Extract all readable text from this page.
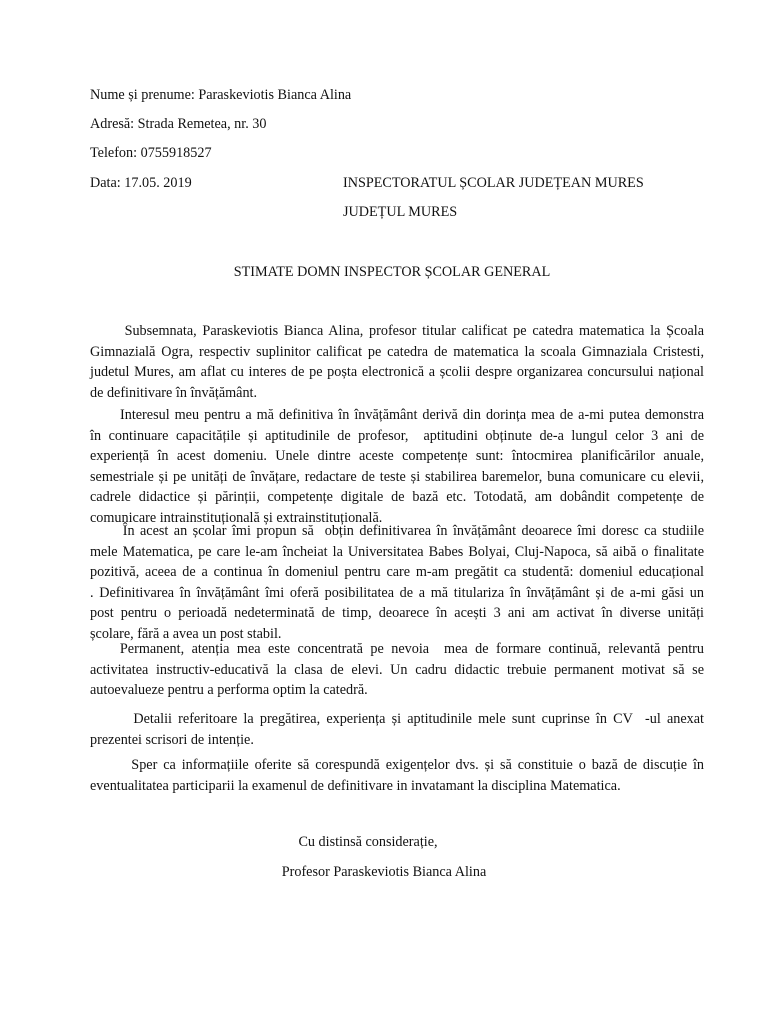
Nume și prenume: Paraskeviotis Bianca Alina
Adresă: Strada Remetea, nr. 30
Telefon: 0755918527
Data: 17.05. 2019	INSPECTORATUL ȘCOLAR JUDEȚEAN MURES
JUDEȚUL MURES
STIMATE DOMN INSPECTOR ȘCOLAR GENERAL
Subsemnata, Paraskeviotis Bianca Alina, profesor titular calificat pe catedra matematica la Școala
Gimnazială Ogra, respectiv suplinitor calificat pe catedra de matematica la scoala Gimnaziala Cristesti,
judetul Mures, am aflat cu interes de pe poșta electronică a școlii despre organizarea concursului național
de definitivare în învățământ.
Interesul meu pentru a mă definitiva în învățământ derivă din dorința mea de a-mi putea demonstra
în continuare capacitățile și aptitudinile de profesor,  aptitudini obținute de-a lungul celor 3 ani de
experiență în acest domeniu. Unele dintre aceste competențe sunt: întocmirea planificărilor anuale,
semestriale și pe unități de învățare, redactare de teste și stabilirea baremelor, buna comunicare cu elevii,
cadrele didactice și părinții, competențe digitale de bază etc. Totodată, am dobândit competențe de
comunicare intrainstituțională și extrainstituțională.
În acest an școlar îmi propun să  obțin definitivarea în învățământ deoarece îmi doresc ca studiile
mele Matematica, pe care le-am încheiat la Universitatea Babes Bolyai, Cluj-Napoca, să aibă o finalitate
pozitivă, aceea de a continua în domeniul pentru care m-am pregătit ca studentă: domeniul educațional
. Definitivarea în învățământ îmi oferă posibilitatea de a mă titulariza în învățământ și de a-mi găsi un
post pentru o perioadă nedeterminată de timp, deoarece în acești 3 ani am activat în diverse unități
școlare, fără a avea un post stabil.
Permanent, atenția mea este concentrată pe nevoia  mea de formare continuă, relevantă pentru
activitatea instructiv-educativă la clasa de elevi. Un cadru didactic trebuie permanent motivat să se
autoevalueze pentru a performa optim la catedră.
Detalii referitoare la pregătirea, experiența și aptitudinile mele sunt cuprinse în CV  -ul anexat
prezentei scrisori de intenție.
Sper ca informațiile oferite să corespundă exigențelor dvs. și să constituie o bază de discuție în
eventualitatea participarii la examenul de definitivare in invatamant la disciplina Matematica.
Cu distinsă considerație,
Profesor Paraskeviotis Bianca Alina
